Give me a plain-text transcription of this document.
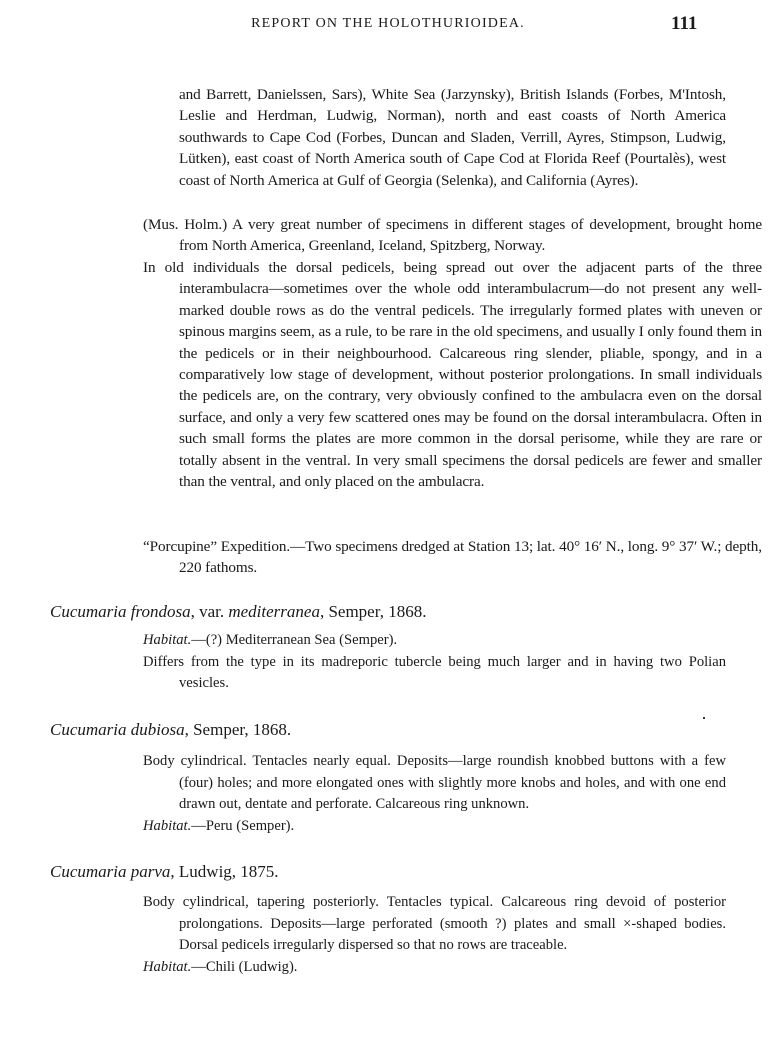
REPORT ON THE HOLOTHURIOIDEA.	111

and Barrett, Danielssen, Sars), White Sea (Jarzynsky), British Islands (Forbes, M'Intosh, Leslie and Herdman, Ludwig, Norman), north and east coasts of North America southwards to Cape Cod (Forbes, Duncan and Sladen, Verrill, Ayres, Stimpson, Ludwig, Lütken), east coast of North America south of Cape Cod at Florida Reef (Pourtalès), west coast of North America at Gulf of Georgia (Selenka), and California (Ayres).

(Mus. Holm.) A very great number of specimens in different stages of development, brought home from North America, Greenland, Iceland, Spitzberg, Norway.

In old individuals the dorsal pedicels, being spread out over the adjacent parts of the three interambulacra—sometimes over the whole odd interambulacrum—do not present any well-marked double rows as do the ventral pedicels. The irregularly formed plates with uneven or spinous margins seem, as a rule, to be rare in the old specimens, and usually I only found them in the pedicels or in their neighbourhood. Calcareous ring slender, pliable, spongy, and in a comparatively low stage of development, without posterior prolongations. In small individuals the pedicels are, on the contrary, very obviously confined to the ambulacra even on the dorsal surface, and only a very few scattered ones may be found on the dorsal interambulacra. Often in such small forms the plates are more common in the dorsal perisome, while they are rare or totally absent in the ventral. In very small specimens the dorsal pedicels are fewer and smaller than the ventral, and only placed on the ambulacra.

“Porcupine” Expedition.—Two specimens dredged at Station 13; lat. 40° 16′ N., long. 9° 37′ W.; depth, 220 fathoms.

Cucumaria frondosa, var. mediterranea, Semper, 1868.

Habitat.—(?) Mediterranean Sea (Semper).

Differs from the type in its madreporic tubercle being much larger and in having two Polian vesicles.

Cucumaria dubiosa, Semper, 1868.

Body cylindrical. Tentacles nearly equal. Deposits—large roundish knobbed buttons with a few (four) holes; and more elongated ones with slightly more knobs and holes, and with one end drawn out, dentate and perforate. Calcareous ring unknown.

Habitat.—Peru (Semper).

Cucumaria parva, Ludwig, 1875.

Body cylindrical, tapering posteriorly. Tentacles typical. Calcareous ring devoid of posterior prolongations. Deposits—large perforated (smooth ?) plates and small ×-shaped bodies. Dorsal pedicels irregularly dispersed so that no rows are traceable.

Habitat.—Chili (Ludwig).
